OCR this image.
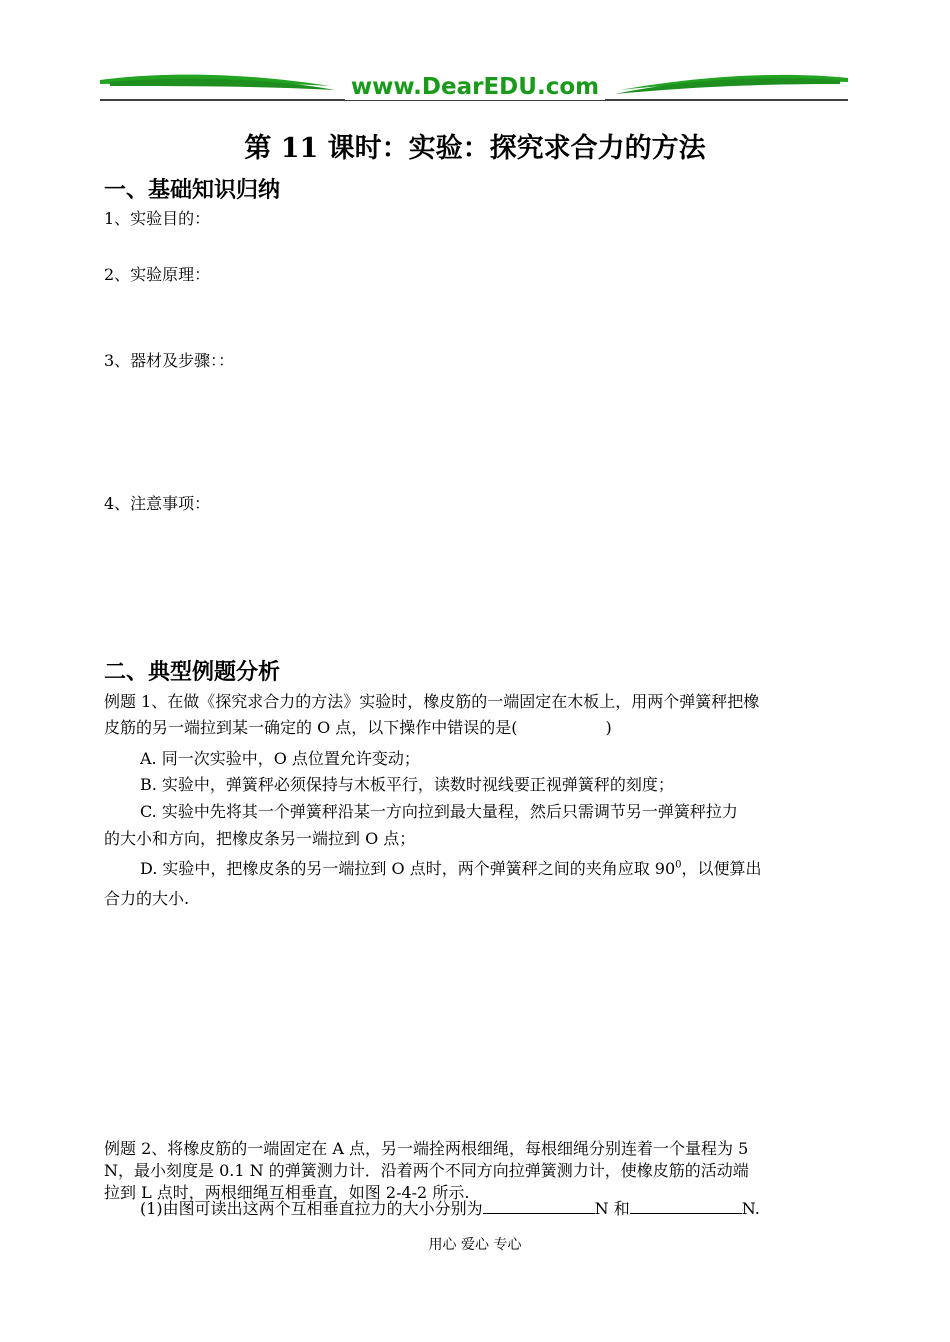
www.DearEDU.com
第 11 课时：实验：探究求合力的方法
一、基础知识归纳
1、实验目的：
2、实验原理：
3、器材及步骤：：
4、注意事项：
二、典型例题分析
例题 1、在做《探究求合力的方法》实验时，橡皮筋的一端固定在木板上，用两个弹簧秤把橡
皮筋的另一端拉到某一确定的 O 点，以下操作中错误的是(	)
A. 同一次实验中，O 点位置允许变动；
B. 实验中，弹簧秤必须保持与木板平行，读数时视线要正视弹簧秤的刻度；
C. 实验中先将其一个弹簧秤沿某一方向拉到最大量程，然后只需调节另一弹簧秤拉力
的大小和方向，把橡皮条另一端拉到 O 点；
D. 实验中，把橡皮条的另一端拉到 O 点时，两个弹簧秤之间的夹角应取 $90^0$，以便算出
合力的大小.
例题 2、将橡皮筋的一端固定在 A 点，另一端拴两根细绳，每根细绳分别连着一个量程为 5
N，最小刻度是 0.1 N 的弹簧测力计．沿着两个不同方向拉弹簧测力计，使橡皮筋的活动端
拉到 L 点时，两根细绳互相垂直，如图 2-4-2 所示.
(1)由图可读出这两个互相垂直拉力的大小分别为	N 和	N.
用心 爱心 专心
